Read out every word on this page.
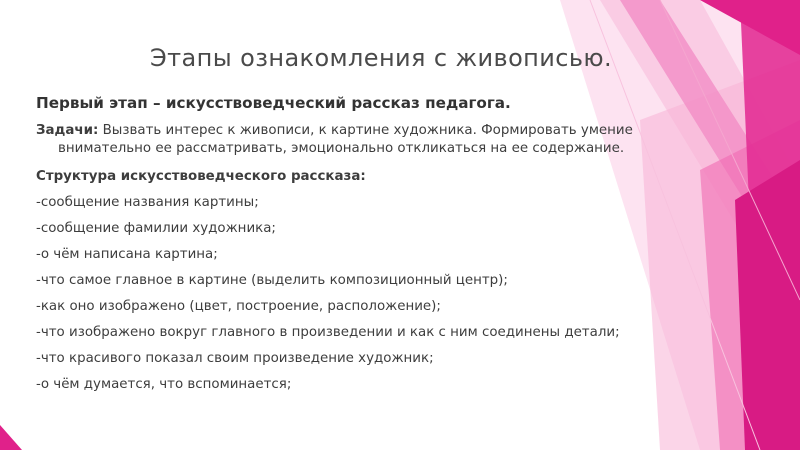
Этапы ознакомления с живописью.
Первый этап – искусствоведческий рассказ педагога.
Задачи: Вызвать интерес к живописи, к картине художника. Формировать умение внимательно ее рассматривать, эмоционально откликаться на ее содержание.
Структура искусствоведческого рассказа:
-сообщение названия картины;
-сообщение фамилии художника;
-о чём написана картина;
-что самое главное в картине (выделить композиционный центр);
-как оно изображено (цвет, построение, расположение);
-что изображено вокруг главного в произведении и как с ним соединены детали;
-что красивого показал своим произведение художник;
-о чём думается, что вспоминается;
